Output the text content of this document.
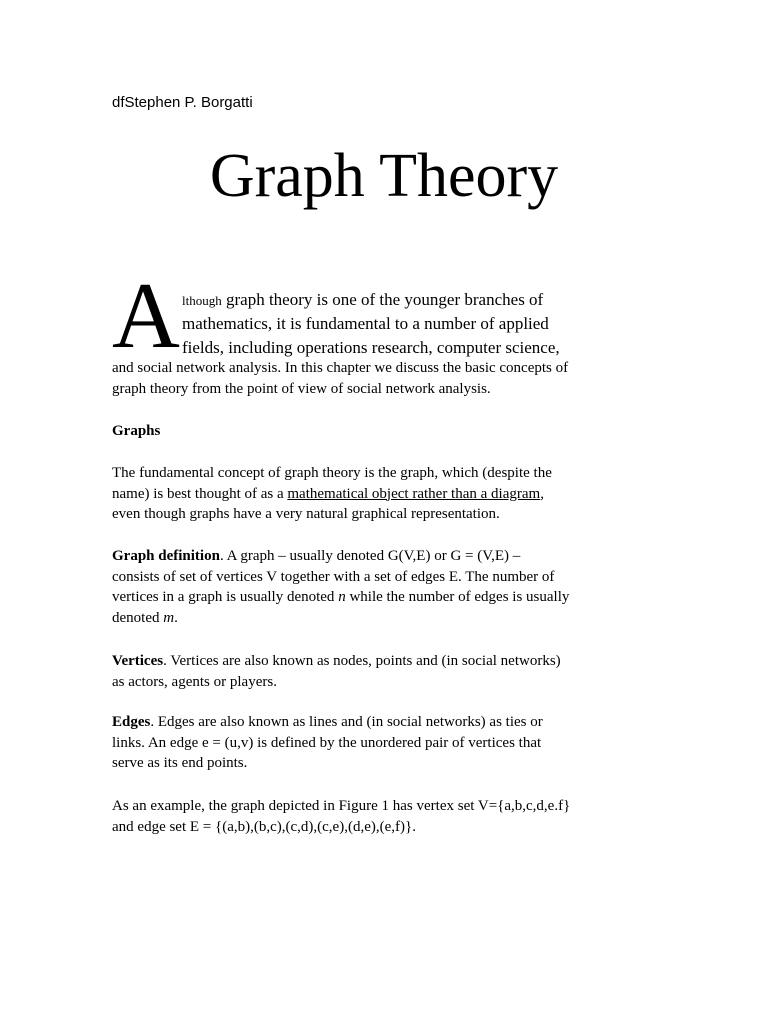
dfStephen P. Borgatti
Graph Theory
A lthough graph theory is one of the younger branches of
mathematics, it is fundamental to a number of applied
fields, including operations research, computer science,
and social network analysis. In this chapter we discuss the basic concepts of
graph theory from the point of view of social network analysis.
Graphs
The fundamental concept of graph theory is the graph, which (despite the
name) is best thought of as a mathematical object rather than a diagram,
even though graphs have a very natural graphical representation.
Graph definition. A graph – usually denoted G(V,E) or G = (V,E) –
consists of set of vertices V together with a set of edges E. The number of
vertices in a graph is usually denoted n while the number of edges is usually
denoted m.
Vertices. Vertices are also known as nodes, points and (in social networks)
as actors, agents or players.
Edges. Edges are also known as lines and (in social networks) as ties or
links. An edge e = (u,v) is defined by the unordered pair of vertices that
serve as its end points.
As an example, the graph depicted in Figure 1 has vertex set V={a,b,c,d,e.f}
and edge set E = {(a,b),(b,c),(c,d),(c,e),(d,e),(e,f)}.
